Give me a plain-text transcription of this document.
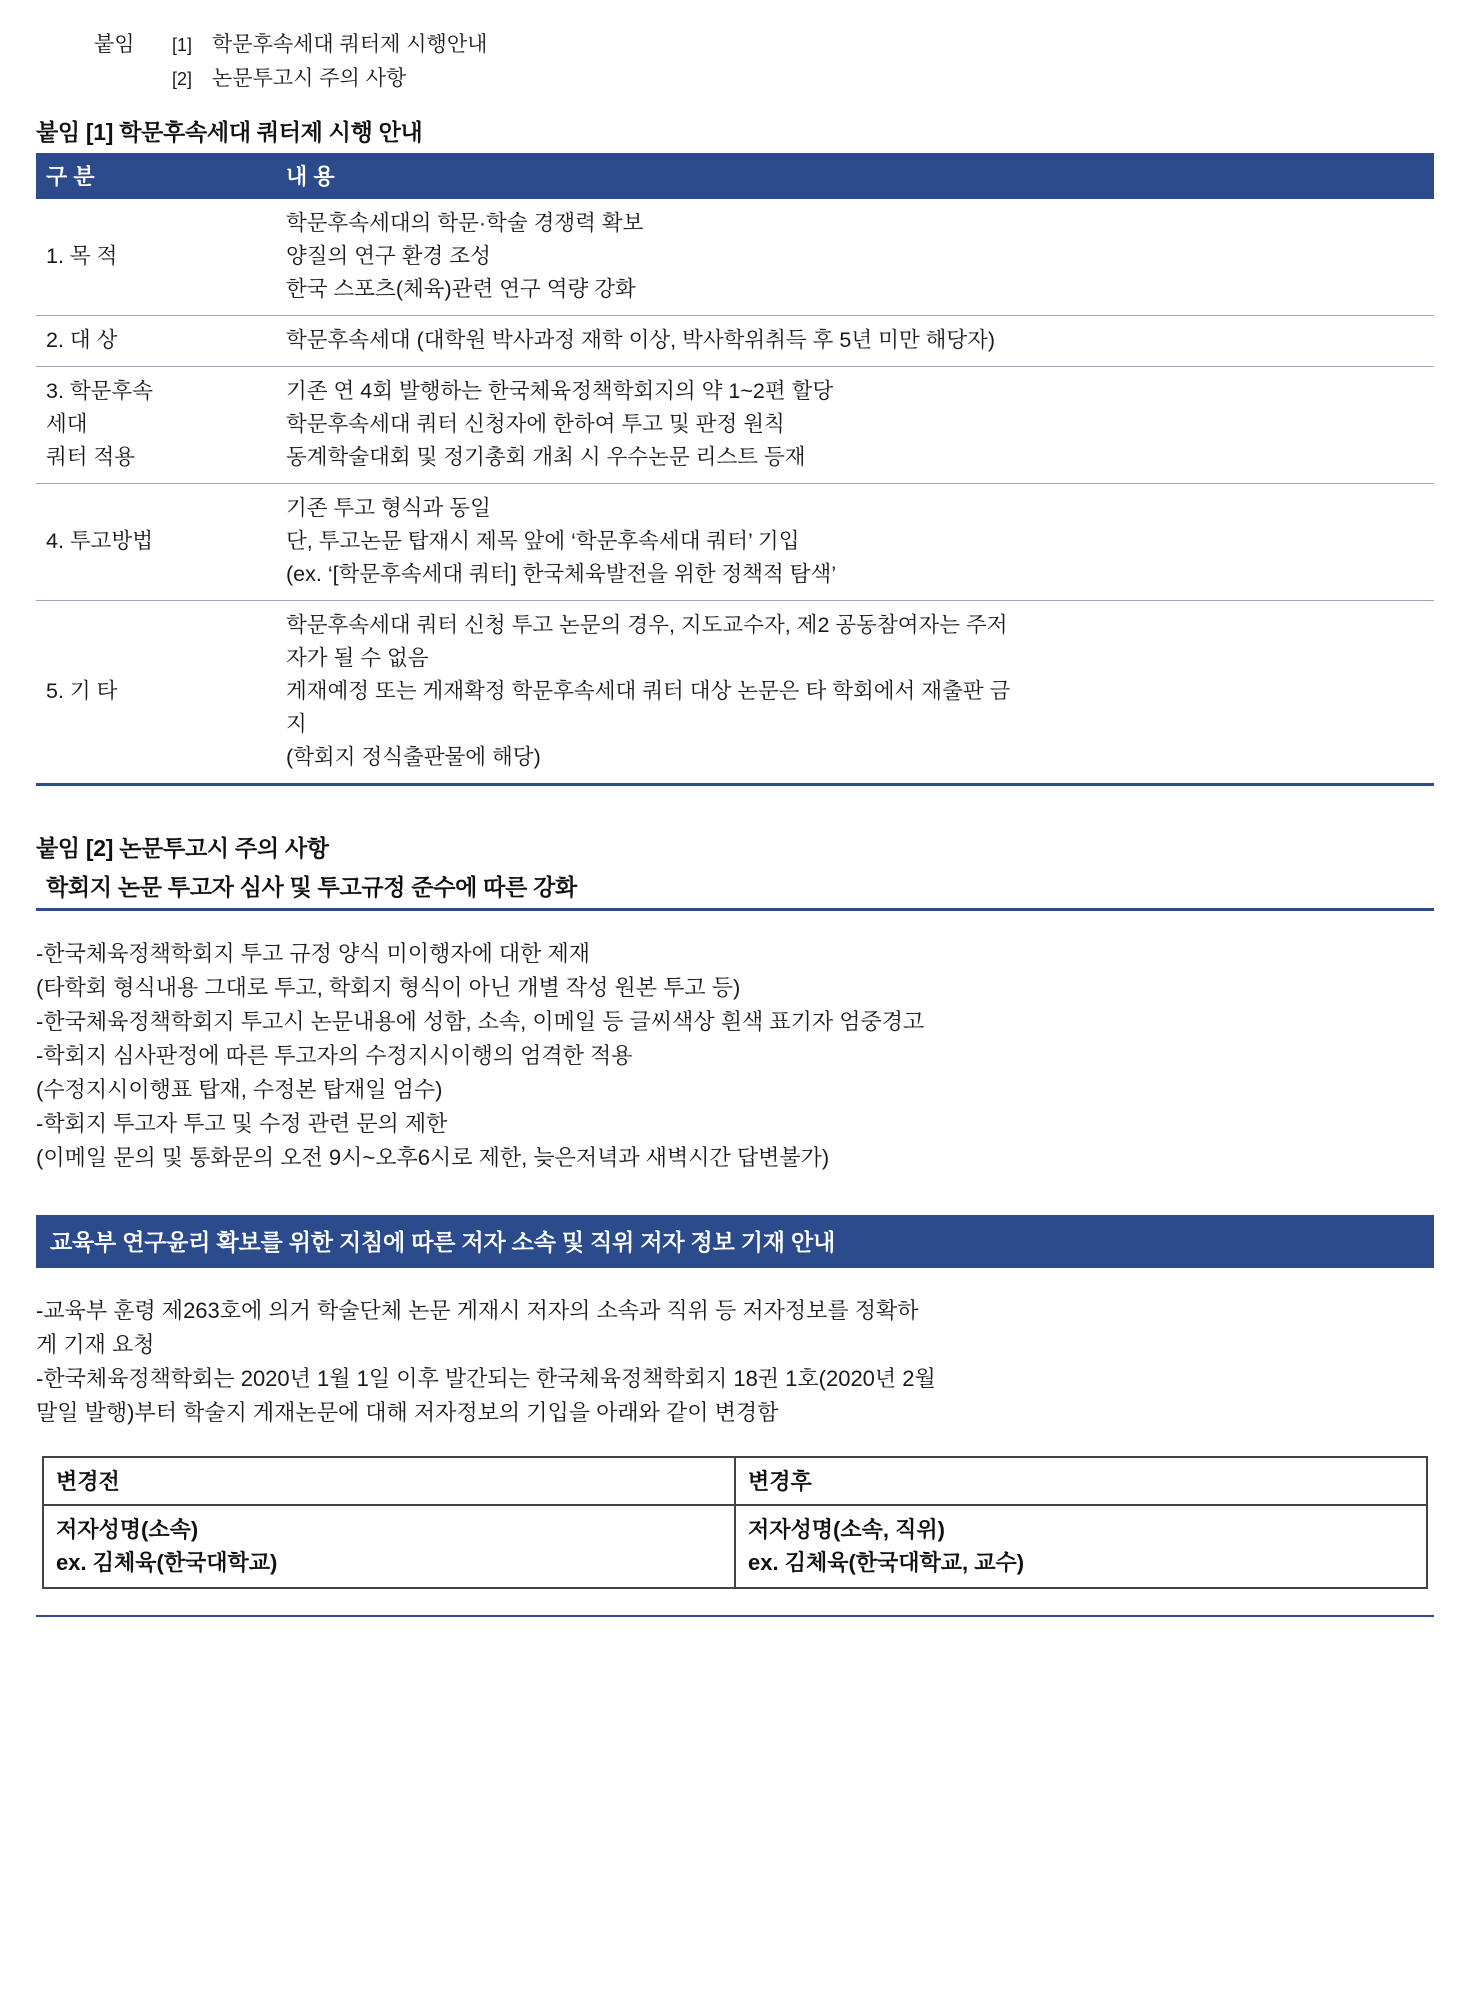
붙임	[1] 학문후속세대 쿼터제 시행안내
[2] 논문투고시 주의 사항
붙임 [1] 학문후속세대 쿼터제 시행 안내
구 분	내 용

1. 목 적	학문후속세대의 학문·학술 경쟁력 확보
양질의 연구 환경 조성
한국 스포츠(체육)관련 연구 역량 강화

2. 대 상	학문후속세대 (대학원 박사과정 재학 이상, 박사학위취득 후 5년 미만 해당자)

3. 학문후속
세대
쿼터 적용	기존 연 4회 발행하는 한국체육정책학회지의 약 1~2편 할당
학문후속세대 쿼터 신청자에 한하여 투고 및 판정 원칙
동계학술대회 및 정기총회 개최 시 우수논문 리스트 등재

4. 투고방법	기존 투고 형식과 동일
단, 투고논문 탑재시 제목 앞에 ‘학문후속세대 쿼터’ 기입
(ex. ‘[학문후속세대 쿼터] 한국체육발전을 위한 정책적 탐색’

5. 기 타	학문후속세대 쿼터 신청 투고 논문의 경우, 지도교수자, 제2 공동참여자는 주저
자가 될 수 없음
게재예정 또는 게재확정 학문후속세대 쿼터 대상 논문은 타 학회에서 재출판 금
지
(학회지 정식출판물에 해당)
붙임 [2] 논문투고시 주의 사항
학회지 논문 투고자 심사 및 투고규정 준수에 따른 강화
-한국체육정책학회지 투고 규정 양식 미이행자에 대한 제재
(타학회 형식내용 그대로 투고, 학회지 형식이 아닌 개별 작성 원본 투고 등)
-한국체육정책학회지 투고시 논문내용에 성함, 소속, 이메일 등 글씨색상 흰색 표기자 엄중경고
-학회지 심사판정에 따른 투고자의 수정지시이행의 엄격한 적용
(수정지시이행표 탑재, 수정본 탑재일 엄수)
-학회지 투고자 투고 및 수정 관련 문의 제한
(이메일 문의 및 통화문의 오전 9시~오후6시로 제한, 늦은저녁과 새벽시간 답변불가)
교육부 연구윤리 확보를 위한 지침에 따른 저자 소속 및 직위 저자 정보 기재 안내
-교육부 훈령 제263호에 의거 학술단체 논문 게재시 저자의 소속과 직위 등 저자정보를 정확하
게 기재 요청
-한국체육정책학회는 2020년 1월 1일 이후 발간되는 한국체육정책학회지 18권 1호(2020년 2월
말일 발행)부터 학술지 게재논문에 대해 저자정보의 기입을 아래와 같이 변경함
변경전	변경후

저자성명(소속)
ex. 김체육(한국대학교)	저자성명(소속, 직위)
ex. 김체육(한국대학교, 교수)
